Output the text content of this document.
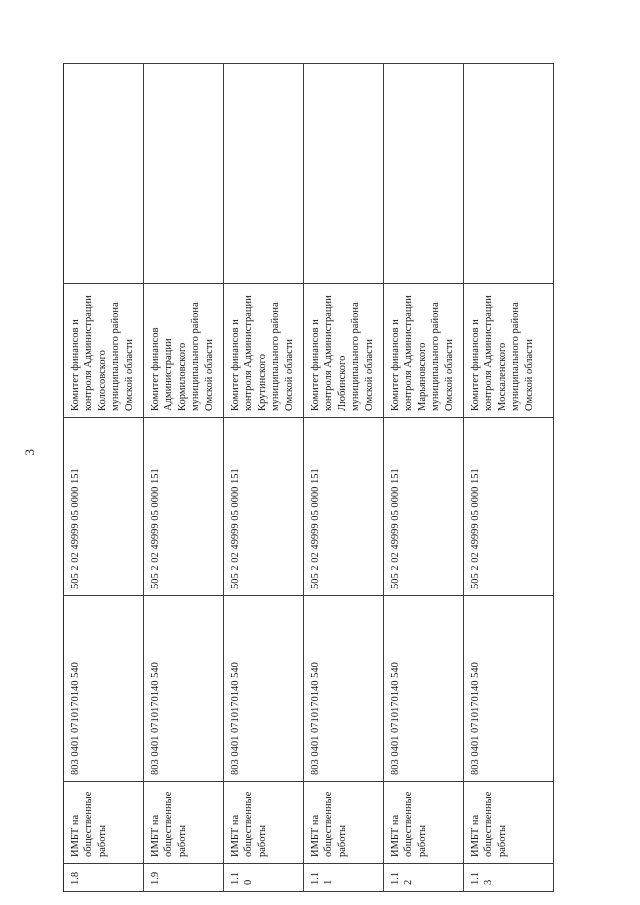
3
1.8	ИМБТ на общественные работы	803 0401 0710170140 540	505 2 02 49999 05 0000 151	Комитет финансов и контроля Администрации Колосовского муниципального района Омской области	
1.9	ИМБТ на общественные работы	803 0401 0710170140 540	505 2 02 49999 05 0000 151	Комитет финансов Администрации Кормиловского муниципального района Омской области	
1.10	ИМБТ на общественные работы	803 0401 0710170140 540	505 2 02 49999 05 0000 151	Комитет финансов и контроля Администрации Крутинского муниципального района Омской области	
1.11	ИМБТ на общественные работы	803 0401 0710170140 540	505 2 02 49999 05 0000 151	Комитет финансов и контроля Администрации Любинского муниципального района Омской области	
1.12	ИМБТ на общественные работы	803 0401 0710170140 540	505 2 02 49999 05 0000 151	Комитет финансов и контроля Администрации Марьяновского муниципального района Омской области	
1.13	ИМБТ на общественные работы	803 0401 0710170140 540	505 2 02 49999 05 0000 151	Комитет финансов и контроля Администрации Москаленского муниципального района Омской области	
